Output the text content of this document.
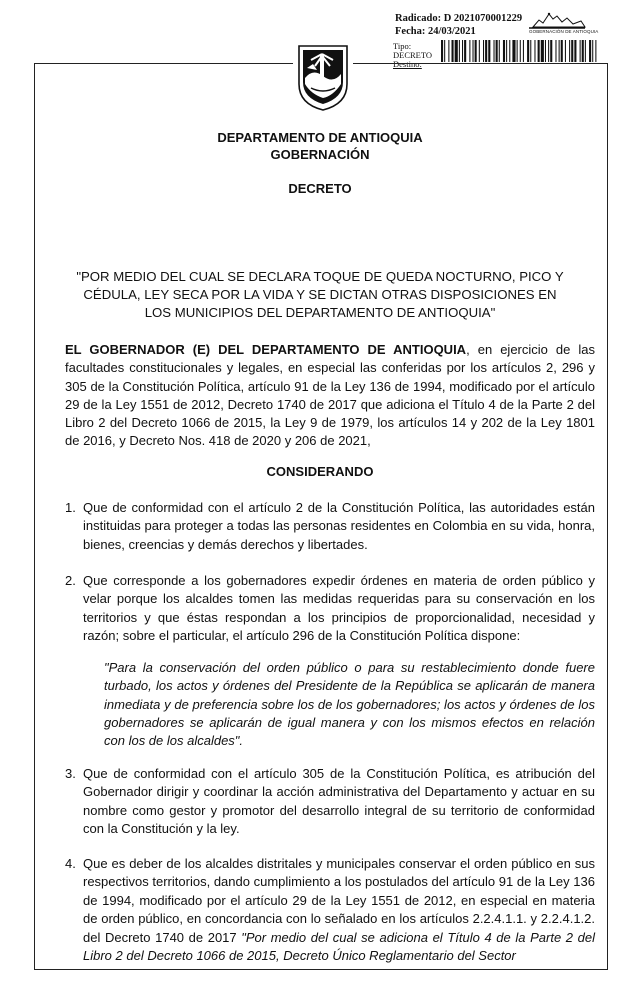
Radicado: D 2021070001229
Fecha: 24/03/2021
Tipo:
DECRETO
Destino:
GOBERNACIÓN DE ANTIOQUIA
DEPARTAMENTO DE ANTIOQUIA
GOBERNACIÓN
DECRETO
"POR MEDIO DEL CUAL SE DECLARA TOQUE DE QUEDA NOCTURNO, PICO Y CÉDULA, LEY SECA POR LA VIDA Y SE DICTAN OTRAS DISPOSICIONES EN LOS MUNICIPIOS DEL DEPARTAMENTO DE ANTIOQUIA"
EL GOBERNADOR (E) DEL DEPARTAMENTO DE ANTIOQUIA, en ejercicio de las facultades constitucionales y legales, en especial las conferidas por los artículos 2, 296 y 305 de la Constitución Política, artículo 91 de la Ley 136 de 1994, modificado por el artículo 29 de la Ley 1551 de 2012, Decreto 1740 de 2017 que adiciona el Título 4 de la Parte 2 del Libro 2 del Decreto 1066 de 2015, la Ley 9 de 1979, los artículos 14 y 202 de la Ley 1801 de 2016, y Decreto Nos. 418 de 2020 y 206 de 2021,
CONSIDERANDO
1. Que de conformidad con el artículo 2 de la Constitución Política, las autoridades están instituidas para proteger a todas las personas residentes en Colombia en su vida, honra, bienes, creencias y demás derechos y libertades.
2. Que corresponde a los gobernadores expedir órdenes en materia de orden público y velar porque los alcaldes tomen las medidas requeridas para su conservación en los territorios y que éstas respondan a los principios de proporcionalidad, necesidad y razón; sobre el particular, el artículo 296 de la Constitución Política dispone:
"Para la conservación del orden público o para su restablecimiento donde fuere turbado, los actos y órdenes del Presidente de la República se aplicarán de manera inmediata y de preferencia sobre los de los gobernadores; los actos y órdenes de los gobernadores se aplicarán de igual manera y con los mismos efectos en relación con los de los alcaldes".
3. Que de conformidad con el artículo 305 de la Constitución Política, es atribución del Gobernador dirigir y coordinar la acción administrativa del Departamento y actuar en su nombre como gestor y promotor del desarrollo integral de su territorio de conformidad con la Constitución y la ley.
4. Que es deber de los alcaldes distritales y municipales conservar el orden público en sus respectivos territorios, dando cumplimiento a los postulados del artículo 91 de la Ley 136 de 1994, modificado por el artículo 29 de la Ley 1551 de 2012, en especial en materia de orden público, en concordancia con lo señalado en los artículos 2.2.4.1.1. y 2.2.4.1.2. del Decreto 1740 de 2017 "Por medio del cual se adiciona el Título 4 de la Parte 2 del Libro 2 del Decreto 1066 de 2015, Decreto Único Reglamentario del Sector
